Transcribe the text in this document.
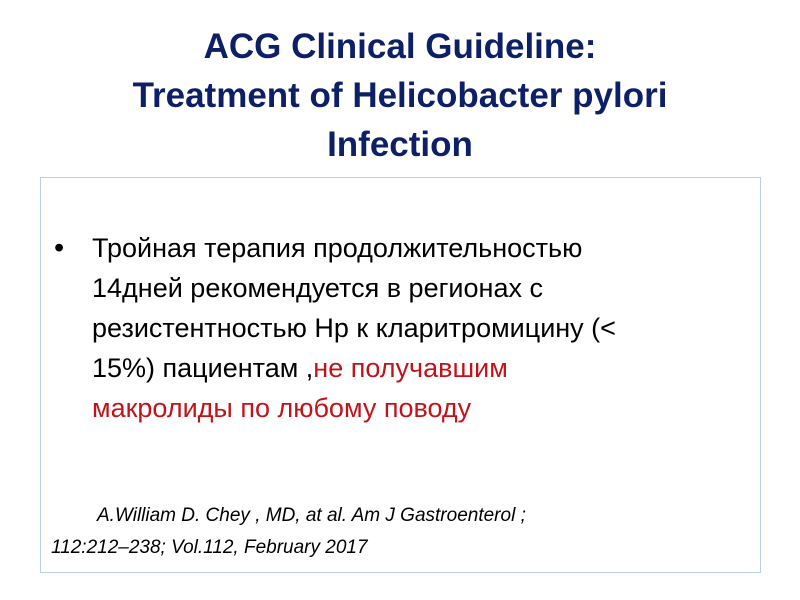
ACG Clinical Guideline:
Treatment of Helicobacter pylori
Infection
• Тройная терапия продолжительностью
14дней рекомендуется в регионах с
резистентностью Hp к кларитромицину (<
15%) пациентам ,не получавшим
макролиды по любому поводу
A.William D. Chey , MD, at al. Am J Gastroenterol ;
112:212–238; Vol.112, February 2017
